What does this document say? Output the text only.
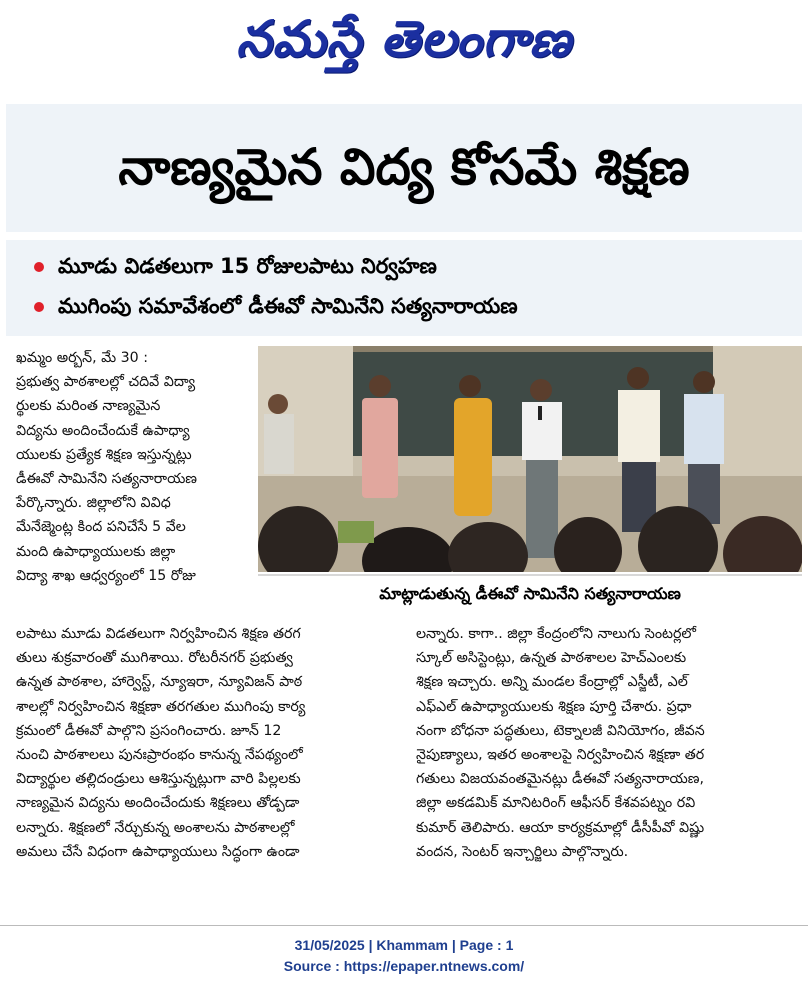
నమస్తే తెలంగాణ
నాణ్యమైన విద్య కోసమే శిక్షణ
మూడు విడతలుగా 15 రోజులపాటు నిర్వహణ
ముగింపు సమావేశంలో డీఈవో సామినేని సత్యనారాయణ

ఖమ్మం అర్బన్, మే 30 :

ప్రభుత్వ పాఠశాలల్లో చదివే విద్యా

ర్థులకు మరింత నాణ్యమైన

విద్యను అందించేందుకే ఉపాధ్యా

యులకు ప్రత్యేక శిక్షణ ఇస్తున్నట్లు

డీఈవో సామినేని సత్యనారాయణ

పేర్కొన్నారు. జిల్లాలోని వివిధ

మేనేజ్మెంట్ల కింద పనిచేసే 5 వేల

మంది ఉపాధ్యాయులకు జిల్లా

విద్యా శాఖ ఆధ్వర్యంలో 15 రోజు

మాట్లాడుతున్న డీఈవో సామినేని సత్యనారాయణ

లపాటు మూడు విడతలుగా నిర్వహించిన శిక్షణ తరగ

తులు శుక్రవారంతో ముగిశాయి. రోటరీనగర్ ప్రభుత్వ

ఉన్నత పాఠశాల, హార్వెస్ట్, న్యూఇరా, న్యూవిజన్ పాఠ

శాలల్లో నిర్వహించిన శిక్షణా తరగతుల ముగింపు కార్య

క్రమంలో డీఈవో పాల్గొని ప్రసంగించారు. జూన్ 12

నుంచి పాఠశాలలు పునఃప్రారంభం కానున్న నేపథ్యంలో

విద్యార్థుల తల్లిదండ్రులు ఆశిస్తున్నట్లుగా వారి పిల్లలకు

నాణ్యమైన విద్యను అందించేందుకు శిక్షణలు తోడ్పడా

లన్నారు. శిక్షణలో నేర్చుకున్న అంశాలను పాఠశాలల్లో

అమలు చేసే విధంగా ఉపాధ్యాయులు సిద్ధంగా ఉండా

లన్నారు. కాగా.. జిల్లా కేంద్రంలోని నాలుగు సెంటర్లలో

స్కూల్ అసిస్టెంట్లు, ఉన్నత పాఠశాలల హెచ్ఎంలకు

శిక్షణ ఇచ్చారు. అన్ని మండల కేంద్రాల్లో ఎస్జీటీ, ఎల్

ఎఫ్ఎల్ ఉపాధ్యాయులకు శిక్షణ పూర్తి చేశారు. ప్రధా

నంగా బోధనా పద్ధతులు, టెక్నాలజీ వినియోగం, జీవన

నైపుణ్యాలు, ఇతర అంశాలపై నిర్వహించిన శిక్షణా తర

గతులు విజయవంతమైనట్లు డీఈవో సత్యనారాయణ,

జిల్లా అకడమిక్ మానిటరింగ్ ఆఫీసర్ కేశవపట్నం రవి

కుమార్ తెలిపారు. ఆయా కార్యక్రమాల్లో డీసీపీవో విష్ణు

వందన, సెంటర్ ఇన్చార్జిలు పాల్గొన్నారు.

31/05/2025 | Khammam | Page : 1
Source : https://epaper.ntnews.com/
